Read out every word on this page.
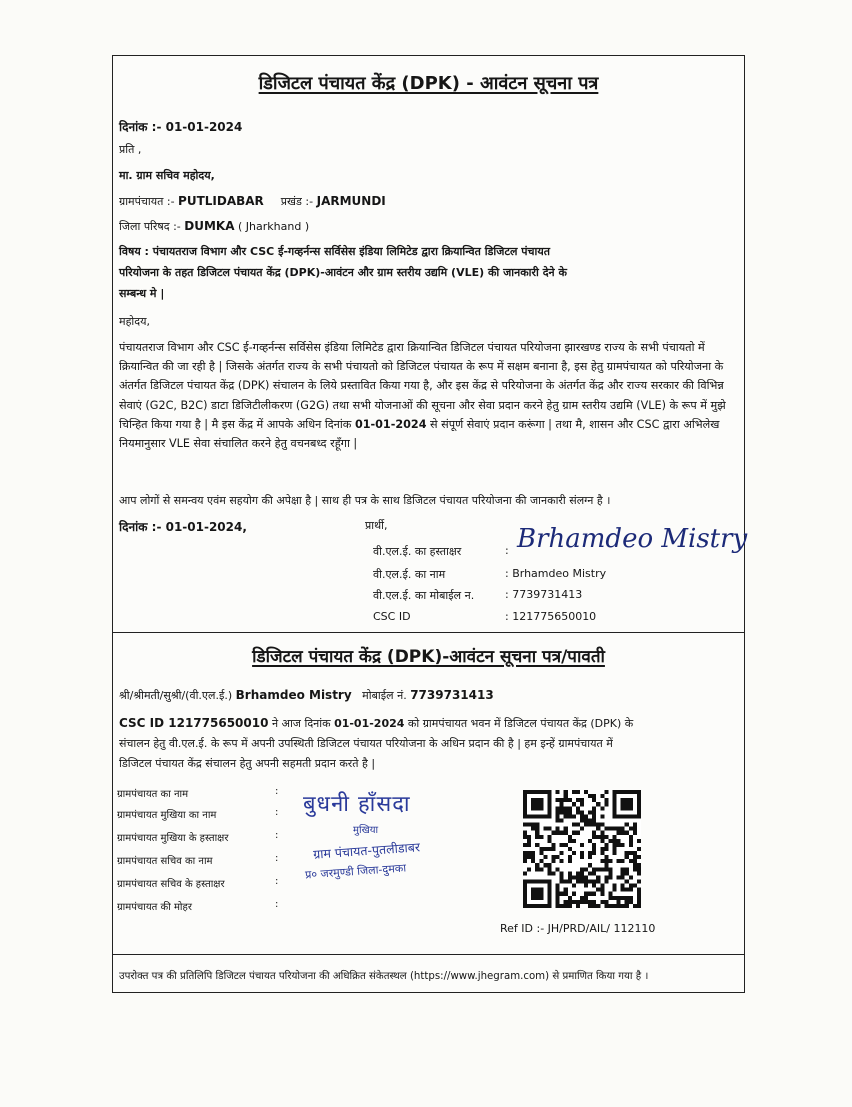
डिजिटल पंचायत केंद्र (DPK) - आवंटन सूचना पत्र
दिनांक :- 01-01-2024
प्रति ,
मा. ग्राम सचिव महोदय,
ग्रामपंचायत :- PUTLIDABAR प्रखंड :- JARMUNDI
जिला परिषद :- DUMKA ( Jharkhand )
विषय : पंचायतराज विभाग और CSC ई-गव्हर्नन्स सर्विसेस इंडिया लिमिटेड द्वारा क्रियान्वित डिजिटल पंचायत
परियोजना के तहत डिजिटल पंचायत केंद्र (DPK)-आवंटन और ग्राम स्तरीय उद्यमि (VLE) की जानकारी देने के
सम्बन्ध मे |
महोदय,
पंचायतराज विभाग और CSC ई-गव्हर्नन्स सर्विसेस इंडिया लिमिटेड द्वारा क्रियान्वित डिजिटल पंचायत परियोजना झारखण्ड राज्य के सभी पंचायतो में क्रियान्वित की जा रही है | जिसके अंतर्गत राज्य के सभी पंचायतो को डिजिटल पंचायत के रूप में सक्षम बनाना है, इस हेतु ग्रामपंचायत को परियोजना के अंतर्गत डिजिटल पंचायत केंद्र (DPK) संचालन के लिये प्रस्तावित किया गया है, और इस केंद्र से परियोजना के अंतर्गत केंद्र और राज्य सरकार की विभिन्न सेवाएं (G2C, B2C) डाटा डिजिटीलीकरण (G2G) तथा सभी योजनाओं की सूचना और सेवा प्रदान करने हेतु ग्राम स्तरीय उद्यमि (VLE) के रूप में मुझे चिन्हित किया गया है | मै इस केंद्र में आपके अधिन दिनांक 01-01-2024 से संपूर्ण सेवाएं प्रदान करूंगा | तथा मै, शासन और CSC द्वारा अभिलेख नियमानुसार VLE सेवा संचालित करने हेतु वचनबध्द रहूँगा |
आप लोगों से समन्वय एवंम सहयोग की अपेक्षा है | साथ ही पत्र के साथ डिजिटल पंचायत परियोजना की जानकारी संलग्न है ।
दिनांक :- 01-01-2024,	प्रार्थी,
वी.एल.ई. का हस्ताक्षर	: Brhamdeo Mistry
वी.एल.ई. का नाम	: Brhamdeo Mistry
वी.एल.ई. का मोबाईल न.	: 7739731413
CSC ID	: 121775650010
डिजिटल पंचायत केंद्र (DPK)-आवंटन सूचना पत्र/पावती
श्री/श्रीमती/सुश्री/(वी.एल.ई.) Brhamdeo Mistry   मोबाईल नं. 7739731413
CSC ID 121775650010 ने आज दिनांक 01-01-2024 को ग्रामपंचायत भवन में डिजिटल पंचायत केंद्र (DPK) के
संचालन हेतु वी.एल.ई. के रूप में अपनी उपस्थिती डिजिटल पंचायत परियोजना के अधिन प्रदान की है | हम इन्हें ग्रामपंचायत में
डिजिटल पंचायत केंद्र संचालन हेतु अपनी सहमती प्रदान करते है |
ग्रामपंचायत का नाम	:
ग्रामपंचायत मुखिया का नाम	:
ग्रामपंचायत मुखिया के हस्ताक्षर	:
ग्रामपंचायत सचिव का नाम	:
ग्रामपंचायत सचिव के हस्ताक्षर	:
ग्रामपंचायत की मोहर	:
बुधनी हाँसदा
मुखिया
ग्राम पंचायत-पुतलीडाबर
प्र० जरमुण्डी जिला-दुमका
Ref ID :- JH/PRD/AIL/ 112110
उपरोक्त पत्र की प्रतिलिपि डिजिटल पंचायत परियोजना की अधिक्रित संकेतस्थल (https://www.jhegram.com) से प्रमाणित किया गया है ।
